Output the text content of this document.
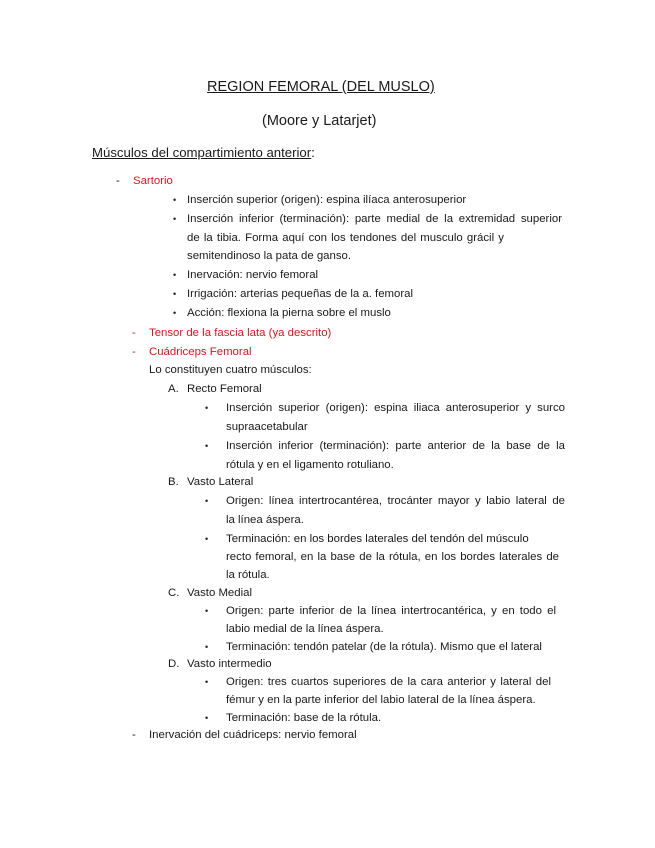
REGION FEMORAL (DEL MUSLO)
(Moore y Latarjet)
Músculos del compartimiento anterior:
- Sartorio
• Inserción superior (origen): espina ilíaca anterosuperior
• Inserción inferior (terminación): parte medial de la extremidad superior
de la tibia. Forma aquí con los tendones del musculo grácil y
semitendinoso la pata de ganso.
• Inervación: nervio femoral
• Irrigación: arterias pequeñas de la a. femoral
• Acción: flexiona la pierna sobre el muslo
- Tensor de la fascia lata (ya descrito)
- Cuádriceps Femoral
Lo constituyen cuatro músculos:
A. Recto Femoral
• Inserción superior (origen): espina iliaca anterosuperior y surco
supraacetabular
• Inserción inferior (terminación): parte anterior de la base de la
rótula y en el ligamento rotuliano.
B. Vasto Lateral
• Origen: línea intertrocantérea, trocánter mayor y labio lateral de
la línea áspera.
• Terminación: en los bordes laterales del tendón del músculo
recto femoral, en la base de la rótula, en los bordes laterales de
la rótula.
C. Vasto Medial
• Origen: parte inferior de la línea intertrocantérica, y en todo el
labio medial de la línea áspera.
• Terminación: tendón patelar (de la rótula). Mismo que el lateral
D. Vasto intermedio
• Origen: tres cuartos superiores de la cara anterior y lateral del
fémur y en la parte inferior del labio lateral de la línea áspera.
• Terminación: base de la rótula.
- Inervación del cuádriceps: nervio femoral
